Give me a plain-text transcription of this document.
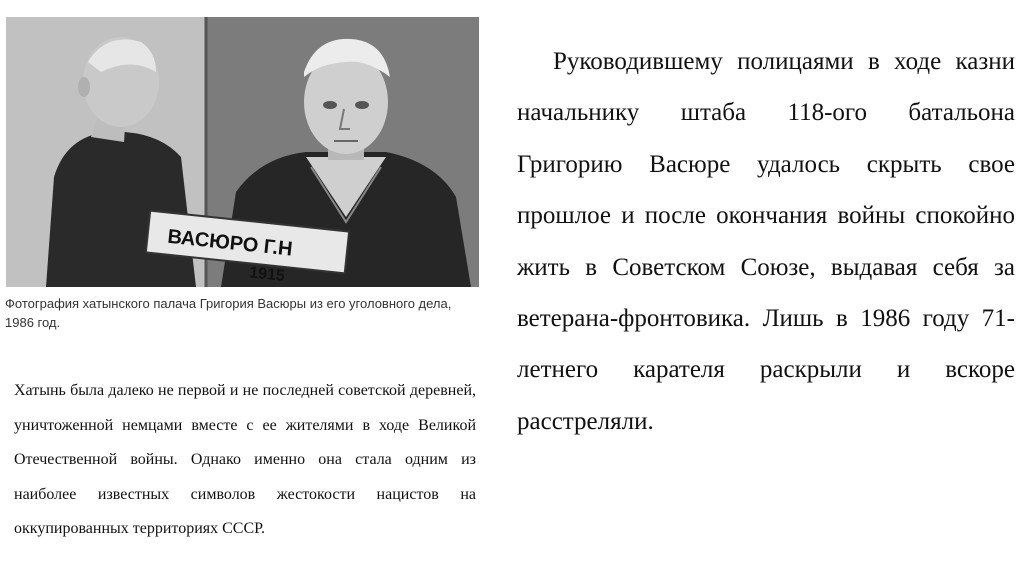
ВАСЮРО Г.Н
1915
Фотография хатынского палача Григория Васюры из его уголовного дела, 1986 год.
Хатынь была далеко не первой и не последней советской деревней, уничтоженной немцами вместе с ее жителями в ходе Великой Отечественной войны. Однако именно она стала одним из наиболее известных символов жестокости нацистов на оккупированных территориях СССР.
Руководившему полицаями в ходе казни начальнику штаба 118-ого батальона Григорию Васюре удалось скрыть свое прошлое и после окончания войны спокойно жить в Советском Союзе, выдавая себя за ветерана-фронтовика. Лишь в 1986 году 71-летнего карателя раскрыли и вскоре расстреляли.
